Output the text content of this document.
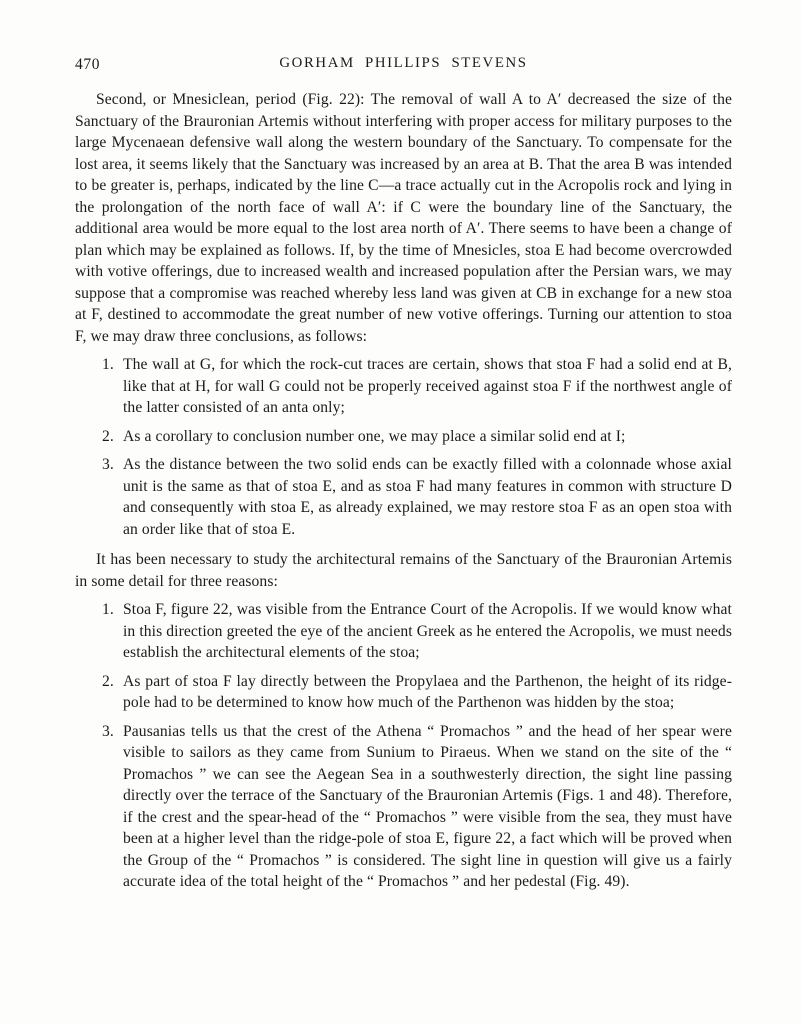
470	GORHAM PHILLIPS STEVENS

Second, or Mnesiclean, period (Fig. 22): The removal of wall A to A′ decreased the size of the Sanctuary of the Brauronian Artemis without interfering with proper access for military purposes to the large Mycenaean defensive wall along the western boundary of the Sanctuary. To compensate for the lost area, it seems likely that the Sanctuary was increased by an area at B. That the area B was intended to be greater is, perhaps, indicated by the line C—a trace actually cut in the Acropolis rock and lying in the prolongation of the north face of wall A′: if C were the boundary line of the Sanctuary, the additional area would be more equal to the lost area north of A′. There seems to have been a change of plan which may be explained as follows. If, by the time of Mnesicles, stoa E had become overcrowded with votive offerings, due to increased wealth and increased population after the Persian wars, we may suppose that a compromise was reached whereby less land was given at CB in exchange for a new stoa at F, destined to accommodate the great number of new votive offerings. Turning our attention to stoa F, we may draw three conclusions, as follows:

1. The wall at G, for which the rock-cut traces are certain, shows that stoa F had a solid end at B, like that at H, for wall G could not be properly received against stoa F if the northwest angle of the latter consisted of an anta only;
2. As a corollary to conclusion number one, we may place a similar solid end at I;
3. As the distance between the two solid ends can be exactly filled with a colonnade whose axial unit is the same as that of stoa E, and as stoa F had many features in common with structure D and consequently with stoa E, as already explained, we may restore stoa F as an open stoa with an order like that of stoa E.

It has been necessary to study the architectural remains of the Sanctuary of the Brauronian Artemis in some detail for three reasons:

1. Stoa F, figure 22, was visible from the Entrance Court of the Acropolis. If we would know what in this direction greeted the eye of the ancient Greek as he entered the Acropolis, we must needs establish the architectural elements of the stoa;
2. As part of stoa F lay directly between the Propylaea and the Parthenon, the height of its ridge-pole had to be determined to know how much of the Parthenon was hidden by the stoa;
3. Pausanias tells us that the crest of the Athena “ Promachos ” and the head of her spear were visible to sailors as they came from Sunium to Piraeus. When we stand on the site of the “ Promachos ” we can see the Aegean Sea in a southwesterly direction, the sight line passing directly over the terrace of the Sanctuary of the Brauronian Artemis (Figs. 1 and 48). Therefore, if the crest and the spear-head of the “ Promachos ” were visible from the sea, they must have been at a higher level than the ridge-pole of stoa E, figure 22, a fact which will be proved when the Group of the “ Promachos ” is considered. The sight line in question will give us a fairly accurate idea of the total height of the “ Promachos ” and her pedestal (Fig. 49).
